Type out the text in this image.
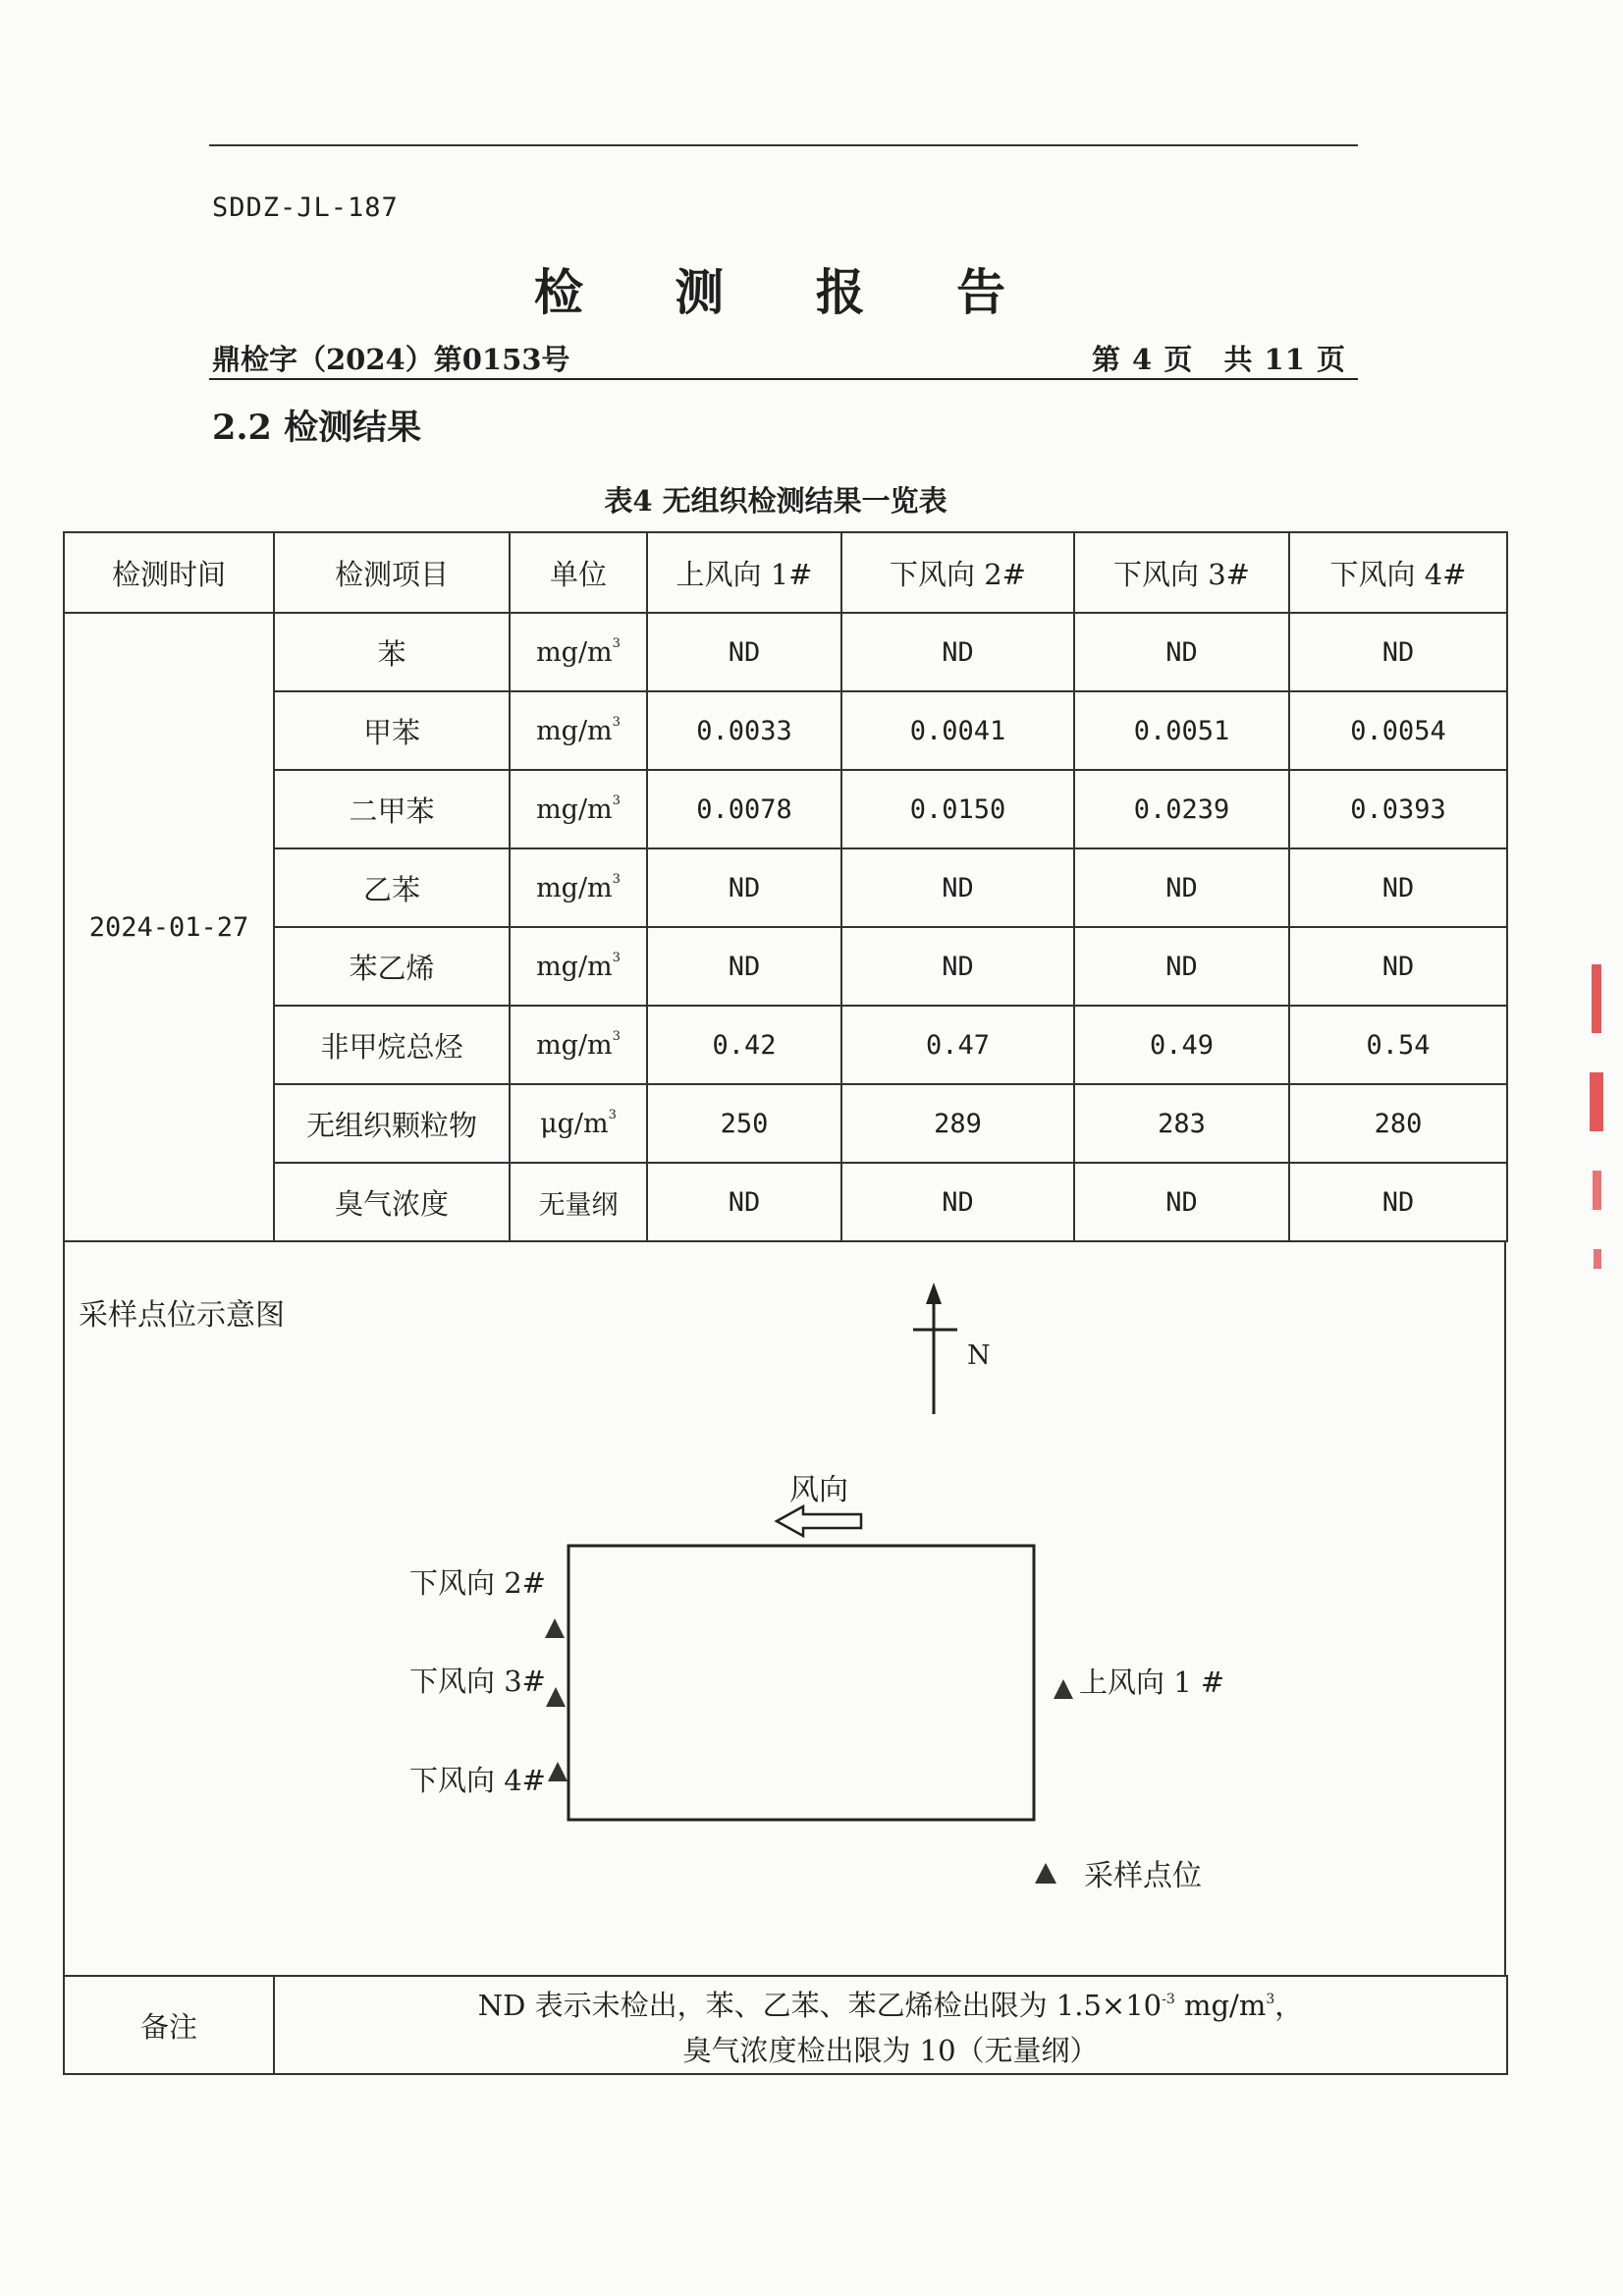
SDDZ-JL-187
检 测 报 告
鼎检字（2024）第0153号	第 4 页 共 11 页
2.2 检测结果
表4 无组织检测结果一览表
检测时间	检测项目	单位	上风向 1#	下风向 2#	下风向 3#	下风向 4#
2024-01-27	苯	$mg/m^3$	ND	ND	ND	ND
	甲苯	$mg/m^3$	0.0033	0.0041	0.0051	0.0054
	二甲苯	$mg/m^3$	0.0078	0.0150	0.0239	0.0393
	乙苯	$mg/m^3$	ND	ND	ND	ND
	苯乙烯	$mg/m^3$	ND	ND	ND	ND
	非甲烷总烃	$mg/m^3$	0.42	0.47	0.49	0.54
	无组织颗粒物	$\mu g/m^3$	250	289	283	280
	臭气浓度	无量纲	ND	ND	ND	ND
采样点位示意图
N
风向
下风向 2#
下风向 3#
下风向 4#
上风向 1 #
采样点位
备注	
ND 表示未检出，苯、乙苯、苯乙烯检出限为 $1.5\times 10^{-3}$ $mg/m^3$，
臭气浓度检出限为 10（无量纲）
